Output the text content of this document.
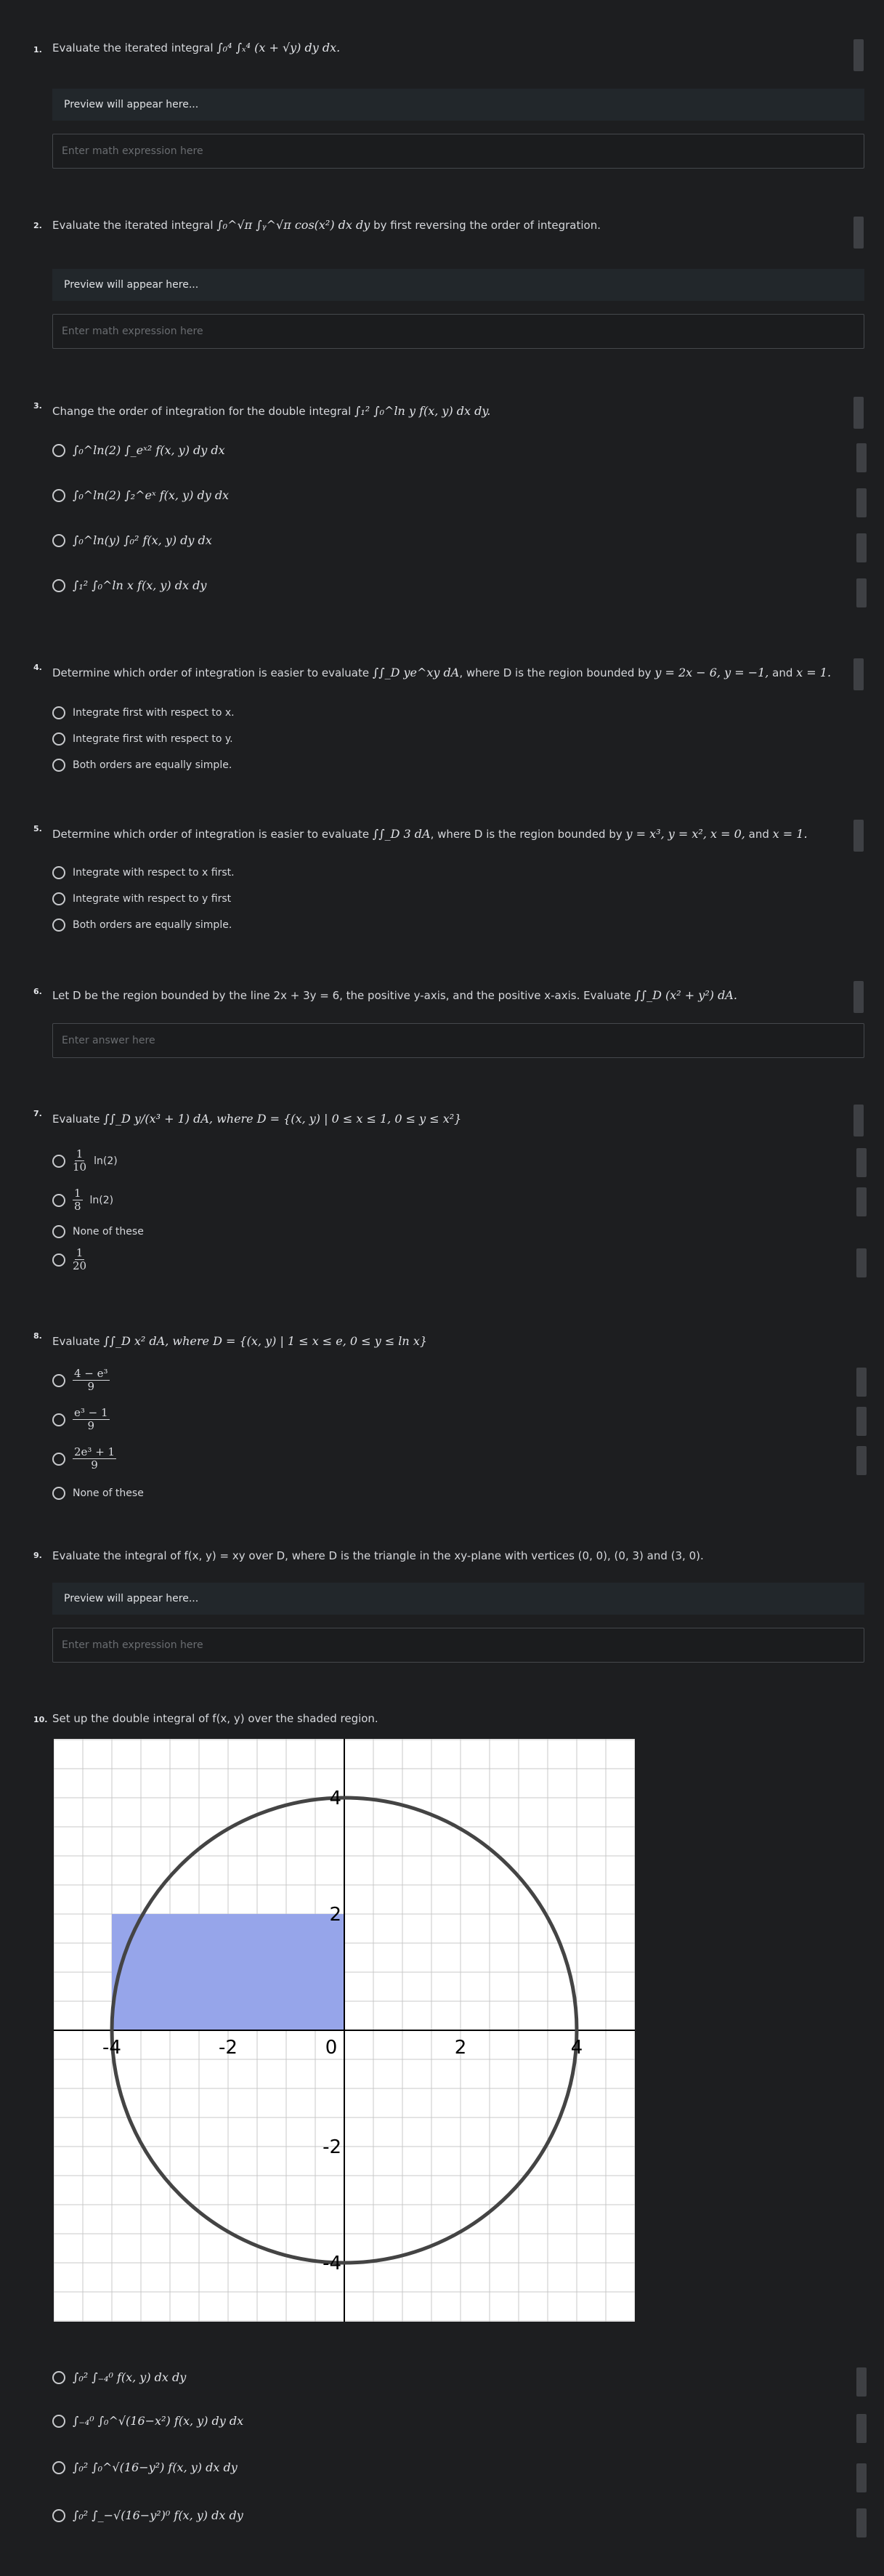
1. Evaluate the iterated integral ∫₀⁴ ∫ₓ⁴ (x + √y) dy dx.
Preview will appear here...
Enter math expression here
2. Evaluate the iterated integral ∫₀^√π ∫ᵧ^√π cos(x²) dx dy by first reversing the order of integration.
Preview will appear here...
Enter math expression here
3. Change the order of integration for the double integral ∫₁² ∫₀^ln y f(x, y) dx dy.
∫₀^ln(2) ∫_eˣ² f(x, y) dy dx
∫₀^ln(2) ∫₂^eˣ f(x, y) dy dx
∫₀^ln(y) ∫₀² f(x, y) dy dx
∫₁² ∫₀^ln x f(x, y) dx dy
4. Determine which order of integration is easier to evaluate ∫∫_D ye^xy dA, where D is the region bounded by y = 2x − 6, y = −1, and x = 1.
Integrate first with respect to x.
Integrate first with respect to y.
Both orders are equally simple.
5. Determine which order of integration is easier to evaluate ∫∫_D 3 dA, where D is the region bounded by y = x³, y = x², x = 0, and x = 1.
Integrate with respect to x first.
Integrate with respect to y first
Both orders are equally simple.
6. Let D be the region bounded by the line 2x + 3y = 6, the positive y-axis, and the positive x-axis. Evaluate ∫∫_D (x² + y²) dA.
Enter answer here
7. Evaluate ∫∫_D y/(x³ + 1) dA, where D = {(x, y) | 0 ≤ x ≤ 1, 0 ≤ y ≤ x²}
$\frac{1}{10} \ln(2)$
$\frac{1}{8} \ln(2)$
None of these
$\frac{1}{20}$
8. Evaluate ∫∫_D x² dA, where D = {(x, y) | 1 ≤ x ≤ e, 0 ≤ y ≤ ln x}
$\frac{\text{4 − e³}}{9}$
$\frac{\text{e³ − 1}}{9}$
$\frac{\text{2e³ + 1}}{9}$
None of these
9. Evaluate the integral of f(x, y) = xy over D, where D is the triangle in the xy-plane with vertices (0, 0), (0, 3) and (3, 0).
Preview will appear here...
Enter math expression here
10. Set up the double integral of f(x, y) over the shaded region.
-4	-2	0	2	4
4
2
-2
-4
∫₀² ∫₋₄⁰ f(x, y) dx dy
∫₋₄⁰ ∫₀^√(16−x²) f(x, y) dy dx
∫₀² ∫₀^√(16−y²) f(x, y) dx dy
∫₀² ∫_−√(16−y²)⁰ f(x, y) dx dy
